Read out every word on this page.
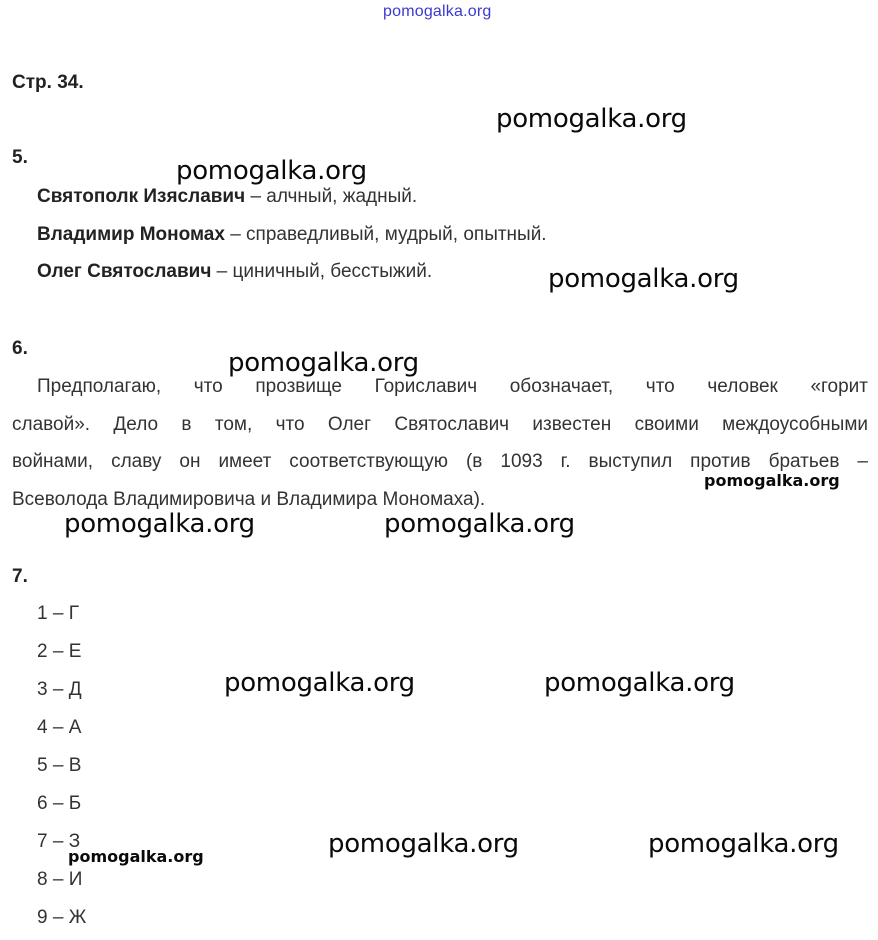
pomogalka.org
Стр. 34.
5.
Святополк Изяславич – алчный, жадный.
Владимир Мономах – справедливый, мудрый, опытный.
Олег Святославич – циничный, бесстыжий.
6.
Предполагаю, что прозвище Гориславич обозначает, что человек «горит
славой». Дело в том, что Олег Святославич известен своими междоусобными
войнами, славу он имеет соответствующую (в 1093 г. выступил против братьев –
Всеволода Владимировича и Владимира Мономаха).
7.
1 – Г
2 – Е
3 – Д
4 – А
5 – В
6 – Б
7 – З
8 – И
9 – Ж
pomogalka.org
pomogalka.org
pomogalka.org
pomogalka.org
pomogalka.org
pomogalka.org	pomogalka.org
pomogalka.org	pomogalka.org
pomogalka.org	pomogalka.org
pomogalka.org
